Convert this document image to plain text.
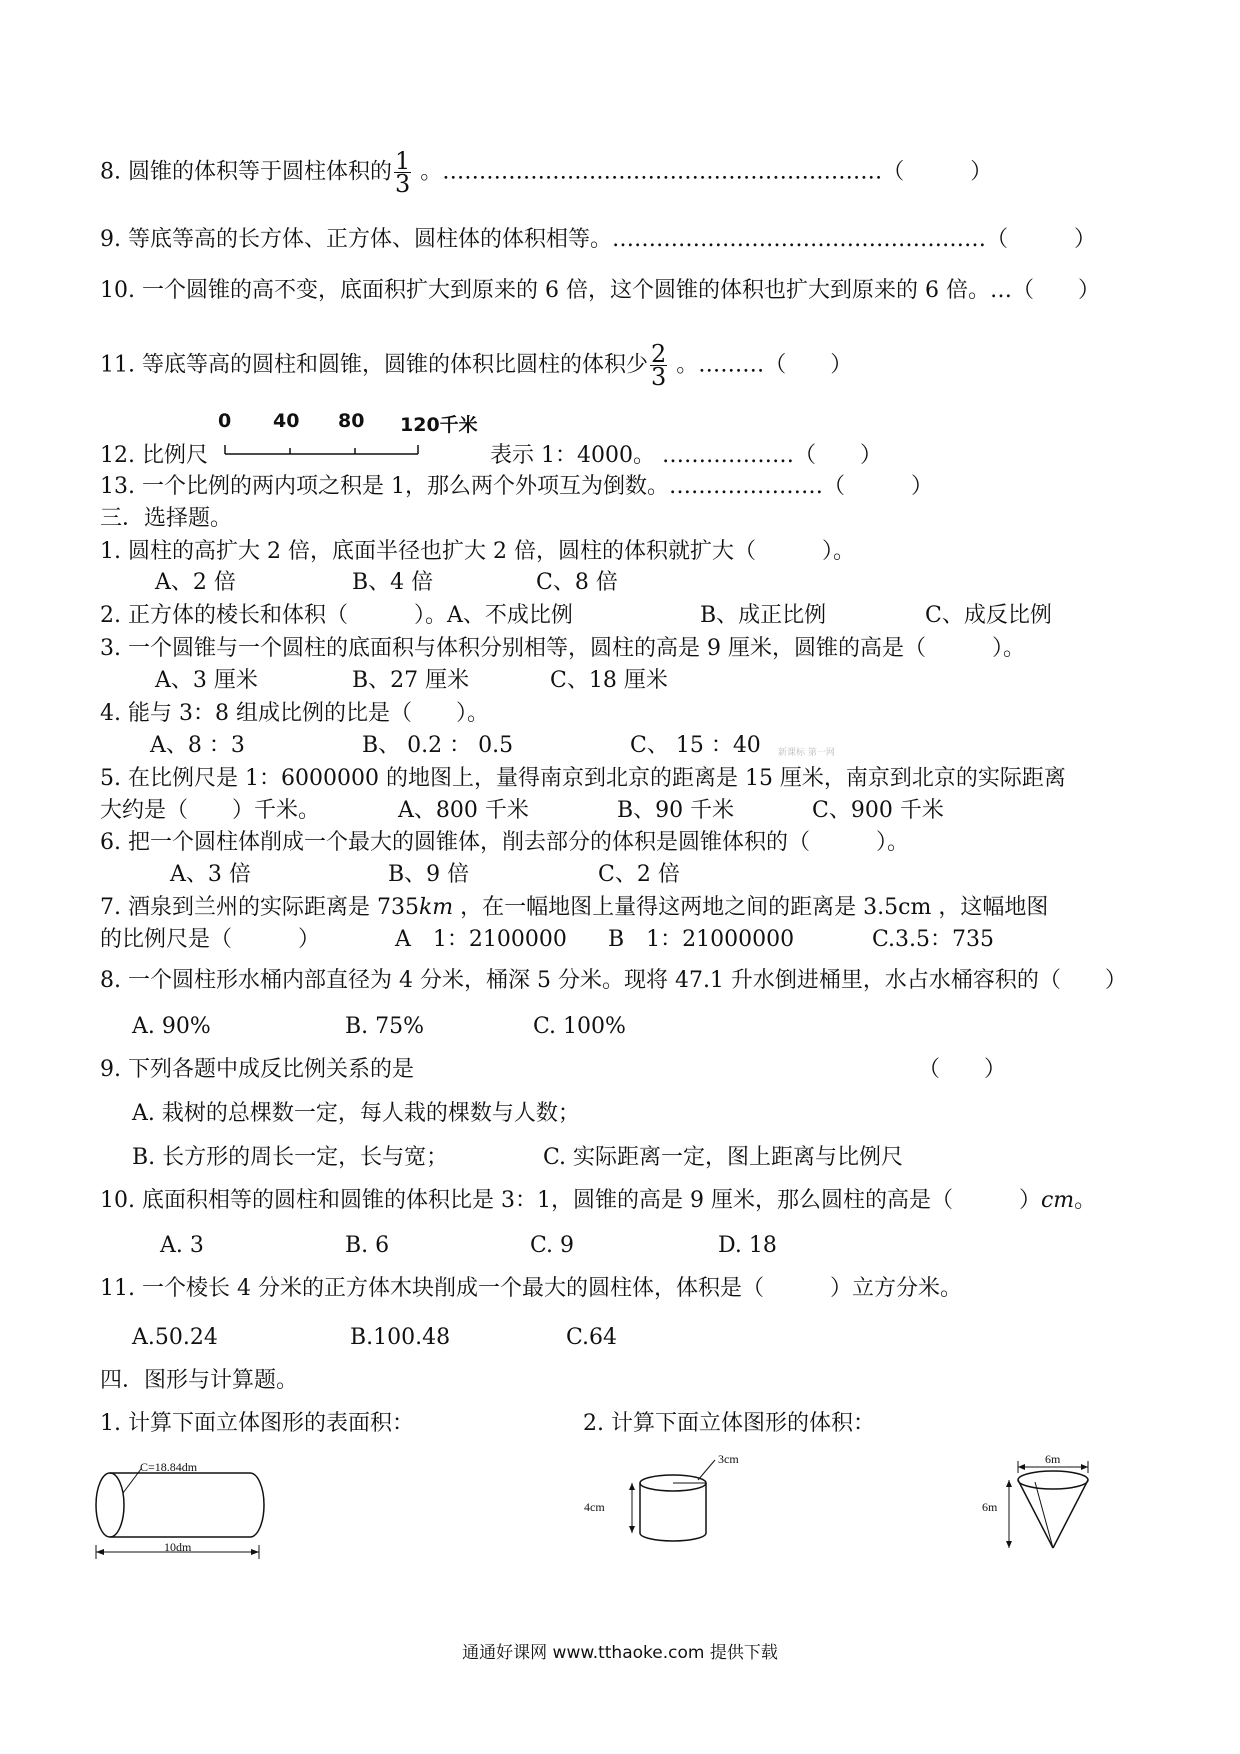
8. 圆锥的体积等于圆柱体积的 $\frac{1}{3}$ 。……………………………………………………（　　　）
9. 等底等高的长方体、正方体、圆柱体的体积相等。……………………………………………（　　　）
10. 一个圆锥的高不变，底面积扩大到原来的 6 倍，这个圆锥的体积也扩大到原来的 6 倍。…（　　）
11. 等底等高的圆柱和圆锥，圆锥的体积比圆柱的体积少 $\frac{2}{3}$ 。………（　　）
0 40 80 120千米
12. 比例尺	表示 1：4000。 ………………（　　）
13. 一个比例的两内项之积是 1，那么两个外项互为倒数。…………………（　　　）
三．选择题。
1. 圆柱的高扩大 2 倍，底面半径也扩大 2 倍，圆柱的体积就扩大（　　　）。
A、2 倍	B、4 倍	C、8 倍
2. 正方体的棱长和体积（　　　）。A、不成比例	B、成正比例	C、成反比例
3. 一个圆锥与一个圆柱的底面积与体积分别相等，圆柱的高是 9 厘米，圆锥的高是（　　　）。
A、3 厘米	B、27 厘米	C、18 厘米
4. 能与 3：8 组成比例的比是（　　）。
A、8 ：3	B、 0.2 ： 0.5	C、 15 ：40 新课标 第一网
5. 在比例尺是 1：6000000 的地图上，量得南京到北京的距离是 15 厘米，南京到北京的实际距离
大约是（　　）千米。	A、800 千米	B、90 千米	C、900 千米
6. 把一个圆柱体削成一个最大的圆锥体，削去部分的体积是圆锥体积的（　　　）。
A、3 倍	B、9 倍	C、2 倍
7. 酒泉到兰州的实际距离是 735km ，在一幅地图上量得这两地之间的距离是 3.5cm ，这幅地图
的比例尺是（　　　）	A　1：2100000 B　1：21000000	C.3.5：735
8. 一个圆柱形水桶内部直径为 4 分米，桶深 5 分米。现将 47.1 升水倒进桶里，水占水桶容积的（　　）
A. 90%	B. 75%	C. 100%
9. 下列各题中成反比例关系的是	（　　）
A. 栽树的总棵数一定，每人栽的棵数与人数；
B. 长方形的周长一定，长与宽；	C. 实际距离一定，图上距离与比例尺
10. 底面积相等的圆柱和圆锥的体积比是 3：1，圆锥的高是 9 厘米，那么圆柱的高是（　　　）cm。
A. 3	B. 6	C. 9	D. 18
11. 一个棱长 4 分米的正方体木块削成一个最大的圆柱体，体积是（　　　）立方分米。
A.50.24	B.100.48	C.64
四．图形与计算题。
1. 计算下面立体图形的表面积：	2. 计算下面立体图形的体积：
C=18.84dm
10dm
3cm
4cm
6m
6m
通通好课网 www.tthaoke.com 提供下载
